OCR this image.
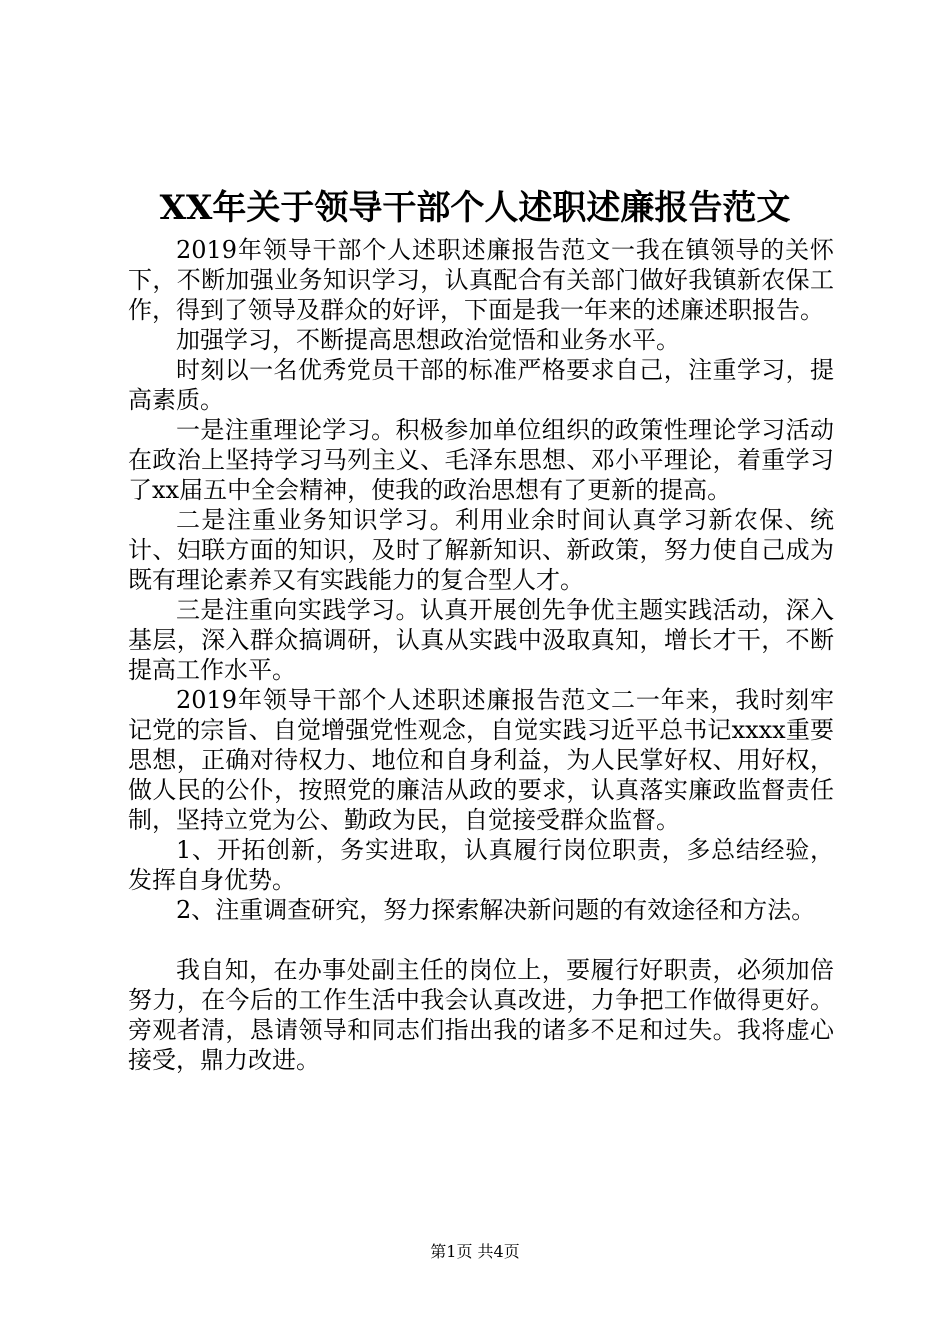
XX年关于领导干部个人述职述廉报告范文

2019年领导干部个人述职述廉报告范文一我在镇领导的关怀下，不断加强业务知识学习，认真配合有关部门做好我镇新农保工作，得到了领导及群众的好评，下面是我一年来的述廉述职报告。

加强学习，不断提高思想政治觉悟和业务水平。

时刻以一名优秀党员干部的标准严格要求自己，注重学习，提高素质。

一是注重理论学习。积极参加单位组织的政策性理论学习活动在政治上坚持学习马列主义、毛泽东思想、邓小平理论，着重学习了xx届五中全会精神，使我的政治思想有了更新的提高。

二是注重业务知识学习。利用业余时间认真学习新农保、统计、妇联方面的知识，及时了解新知识、新政策，努力使自己成为既有理论素养又有实践能力的复合型人才。

三是注重向实践学习。认真开展创先争优主题实践活动，深入基层，深入群众搞调研，认真从实践中汲取真知，增长才干，不断提高工作水平。

2019年领导干部个人述职述廉报告范文二一年来，我时刻牢记党的宗旨、自觉增强党性观念，自觉实践习近平总书记xxxx重要思想，正确对待权力、地位和自身利益，为人民掌好权、用好权，做人民的公仆，按照党的廉洁从政的要求，认真落实廉政监督责任制，坚持立党为公、勤政为民，自觉接受群众监督。

1、开拓创新，务实进取，认真履行岗位职责，多总结经验，发挥自身优势。

2、注重调查研究，努力探索解决新问题的有效途径和方法。

我自知，在办事处副主任的岗位上，要履行好职责，必须加倍努力，在今后的工作生活中我会认真改进，力争把工作做得更好。旁观者清，恳请领导和同志们指出我的诸多不足和过失。我将虚心接受，鼎力改进。

第1页 共4页
